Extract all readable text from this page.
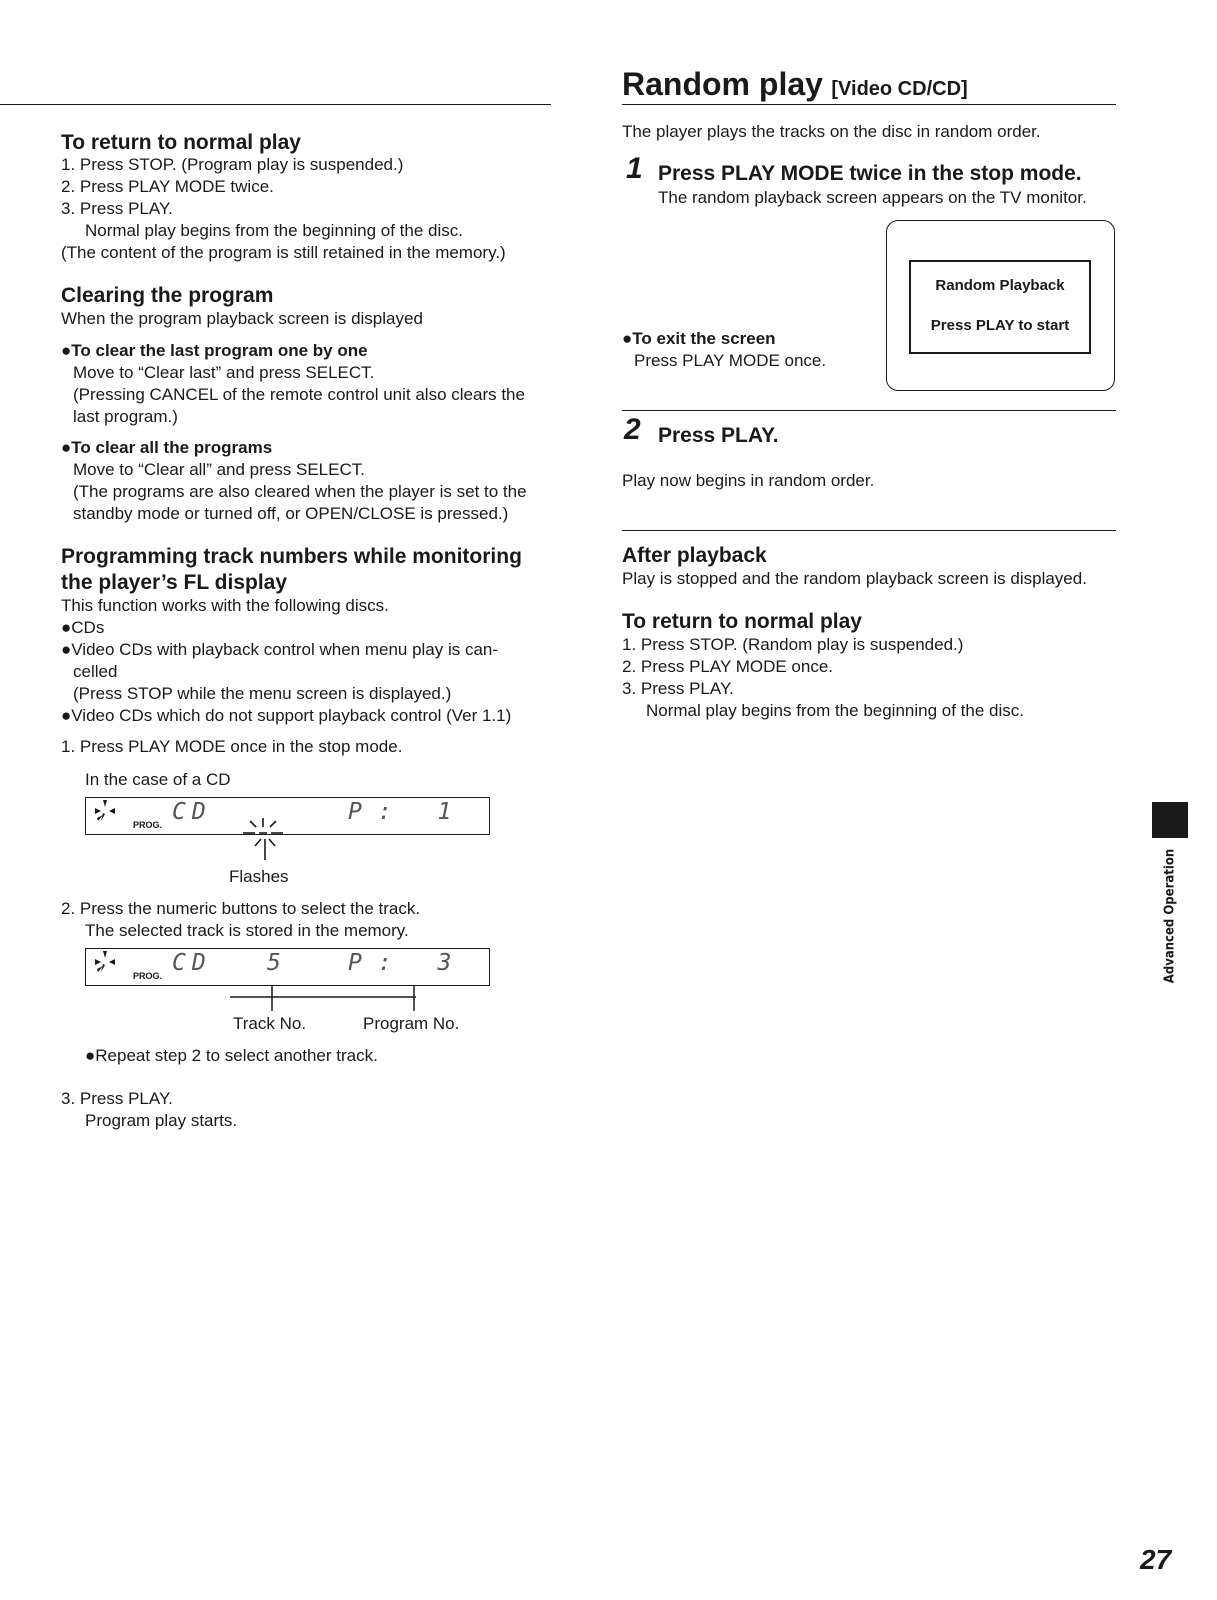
To return to normal play
1. Press STOP. (Program play is suspended.)
2. Press PLAY MODE twice.
3. Press PLAY.
Normal play begins from the beginning of the disc.
(The content of the program is still retained in the memory.)
Clearing the program
When the program playback screen is displayed
●To clear the last program one by one
Move to “Clear last” and press SELECT.
(Pressing CANCEL of the remote control unit also clears the
last program.)
●To clear all the programs
Move to “Clear all” and press SELECT.
(The programs are also cleared when the player is set to the
standby mode or turned off, or OPEN/CLOSE is pressed.)
Programming track numbers while monitoring
the player’s FL display
This function works with the following discs.
●CDs
●Video CDs with playback control when menu play is can-
celled
(Press STOP while the menu screen is displayed.)
●Video CDs which do not support playback control (Ver 1.1)
1. Press PLAY MODE once in the stop mode.
In the case of a CD
PROG. CD	P: 1
Flashes
2. Press the numeric buttons to select the track.
The selected track is stored in the memory.
PROG. CD 5	P: 3
Track No.	Program No.
●Repeat step 2 to select another track.
3. Press PLAY.
Program play starts.
Random play [Video CD/CD]
The player plays the tracks on the disc in random order.
1 Press PLAY MODE twice in the stop mode.
The random playback screen appears on the TV monitor.
●To exit the screen
Press PLAY MODE once.
Random Playback
Press PLAY to start
2 Press PLAY.
Play now begins in random order.
After playback
Play is stopped and the random playback screen is displayed.
To return to normal play
1. Press STOP. (Random play is suspended.)
2. Press PLAY MODE once.
3. Press PLAY.
Normal play begins from the beginning of the disc.
Advanced Operation
27
